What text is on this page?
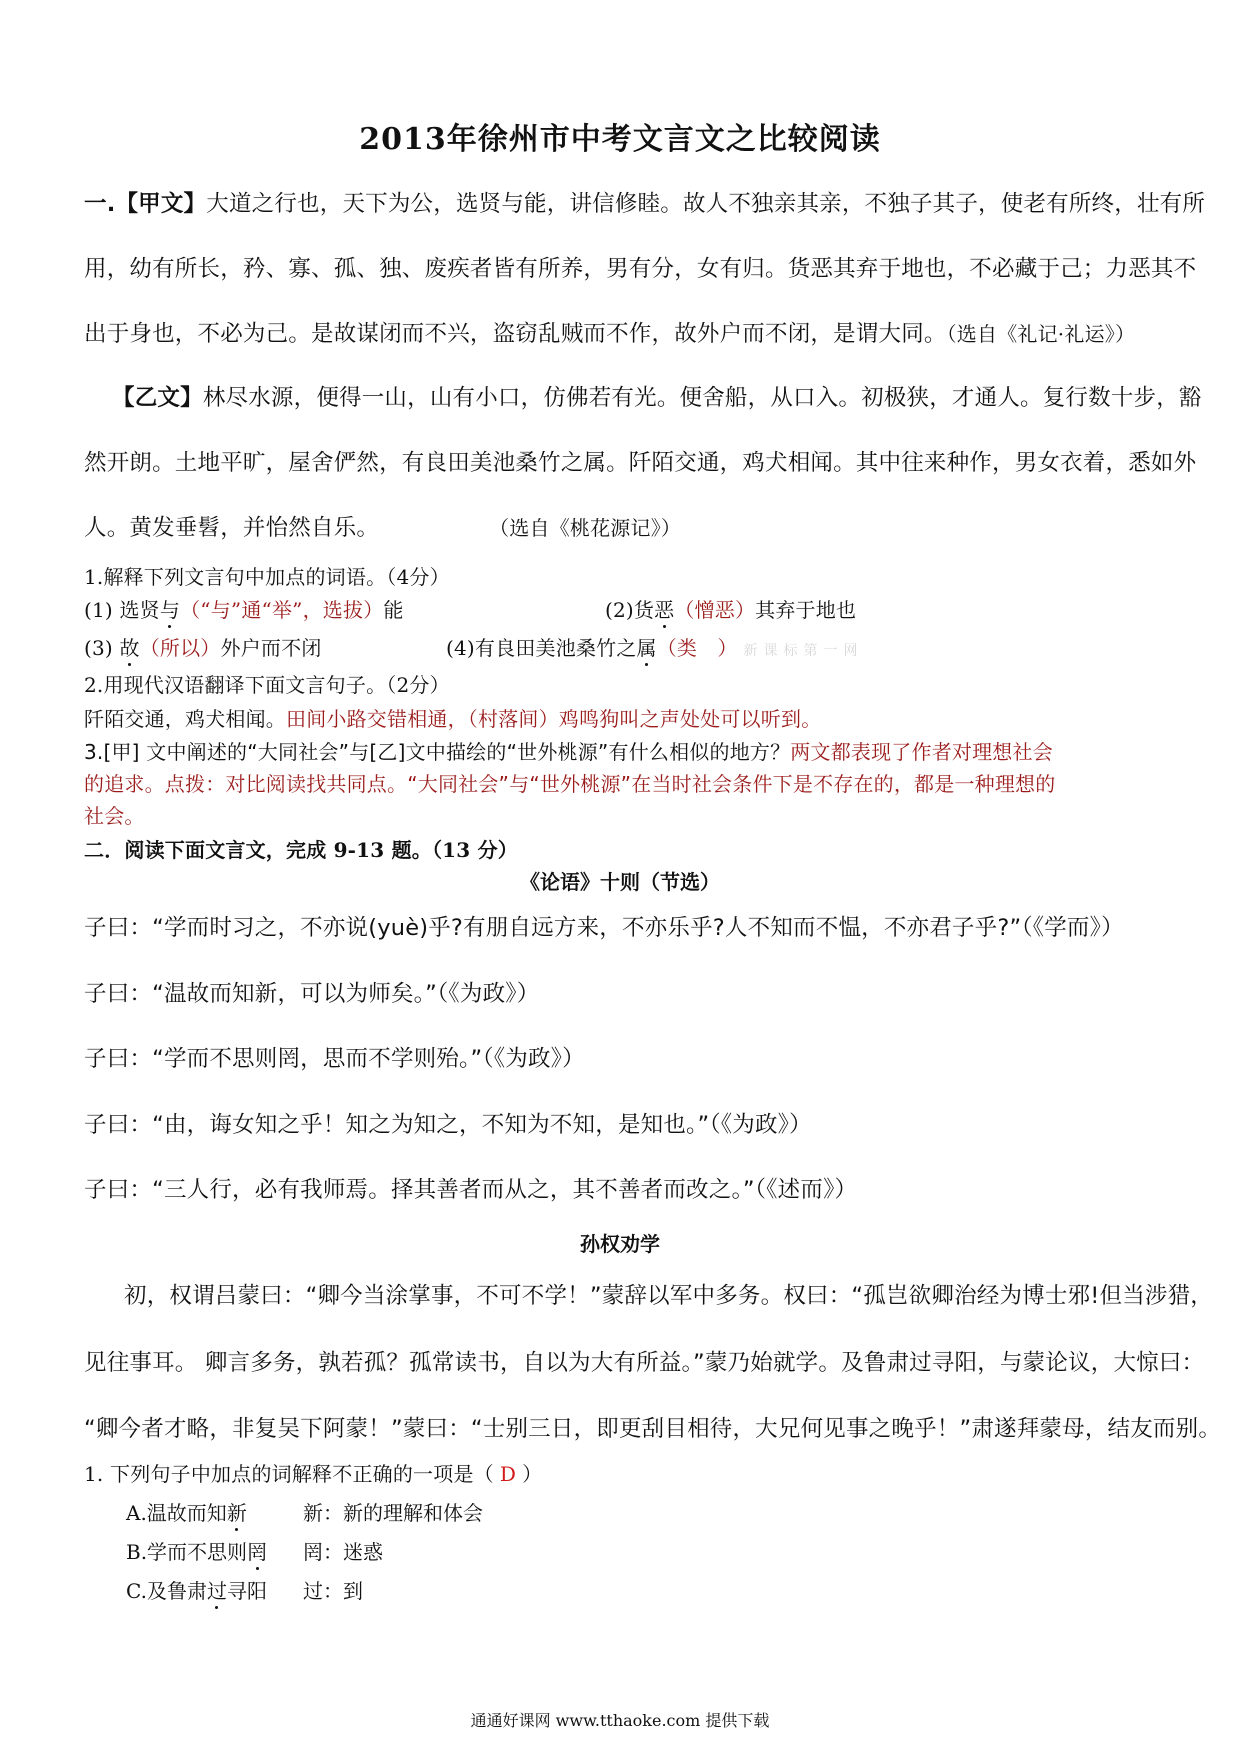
2013年徐州市中考文言文之比较阅读
一.【甲文】大道之行也，天下为公，选贤与能，讲信修睦。故人不独亲其亲，不独子其子，使老有所终，壮有所
用，幼有所长，矜、寡、孤、独、废疾者皆有所养，男有分，女有归。货恶其弃于地也，不必藏于己；力恶其不
出于身也，不必为己。是故谋闭而不兴，盗窃乱贼而不作，故外户而不闭，是谓大同。（选自《礼记·礼运》）
【乙文】林尽水源，便得一山，山有小口，仿佛若有光。便舍船，从口入。初极狭，才通人。复行数十步，豁
然开朗。土地平旷，屋舍俨然，有良田美池桑竹之属。阡陌交通，鸡犬相闻。其中往来种作，男女衣着，悉如外
人。黄发垂髫，并怡然自乐。	（选自《桃花源记》）
1.解释下列文言句中加点的词语。（4分）
(1) 选贤与（“与”通“举”，选拔）能	(2)货恶（憎恶）其弃于地也
(3) 故（所以）外户而不闭	(4)有良田美池桑竹之属（类　） 新课标第一网
2.用现代汉语翻译下面文言句子。（2分）
阡陌交通，鸡犬相闻。田间小路交错相通，（村落间）鸡鸣狗叫之声处处可以听到。
3.[甲] 文中阐述的“大同社会”与[乙]文中描绘的“世外桃源”有什么相似的地方？两文都表现了作者对理想社会
的追求。点拨：对比阅读找共同点。“大同社会”与“世外桃源”在当时社会条件下是不存在的，都是一种理想的
社会。
二．阅读下面文言文，完成 9-13 题。（13 分）
《论语》十则（节选）
子曰：“学而时习之，不亦说(yuè)乎?有朋自远方来，不亦乐乎?人不知而不愠，不亦君子乎?”（《学而》）
子曰：“温故而知新，可以为师矣。”（《为政》）
子曰：“学而不思则罔，思而不学则殆。”（《为政》）
子曰：“由，诲女知之乎！知之为知之，不知为不知，是知也。”（《为政》）
子曰：“三人行，必有我师焉。择其善者而从之，其不善者而改之。”（《述而》）
孙权劝学
初，权谓吕蒙曰：“卿今当涂掌事，不可不学！”蒙辞以军中多务。权曰：“孤岂欲卿治经为博士邪!但当涉猎，
见往事耳。 卿言多务，孰若孤？孤常读书，自以为大有所益。”蒙乃始就学。及鲁肃过寻阳，与蒙论议，大惊曰：
“卿今者才略，非复吴下阿蒙！”蒙曰：“士别三日，即更刮目相待，大兄何见事之晚乎！”肃遂拜蒙母，结友而别。
1. 下列句子中加点的词解释不正确的一项是（ D ）
A.温故而知新	新：新的理解和体会
B.学而不思则罔 罔：迷惑
C.及鲁肃过寻阳 过：到
通通好课网 www.tthaoke.com 提供下载
